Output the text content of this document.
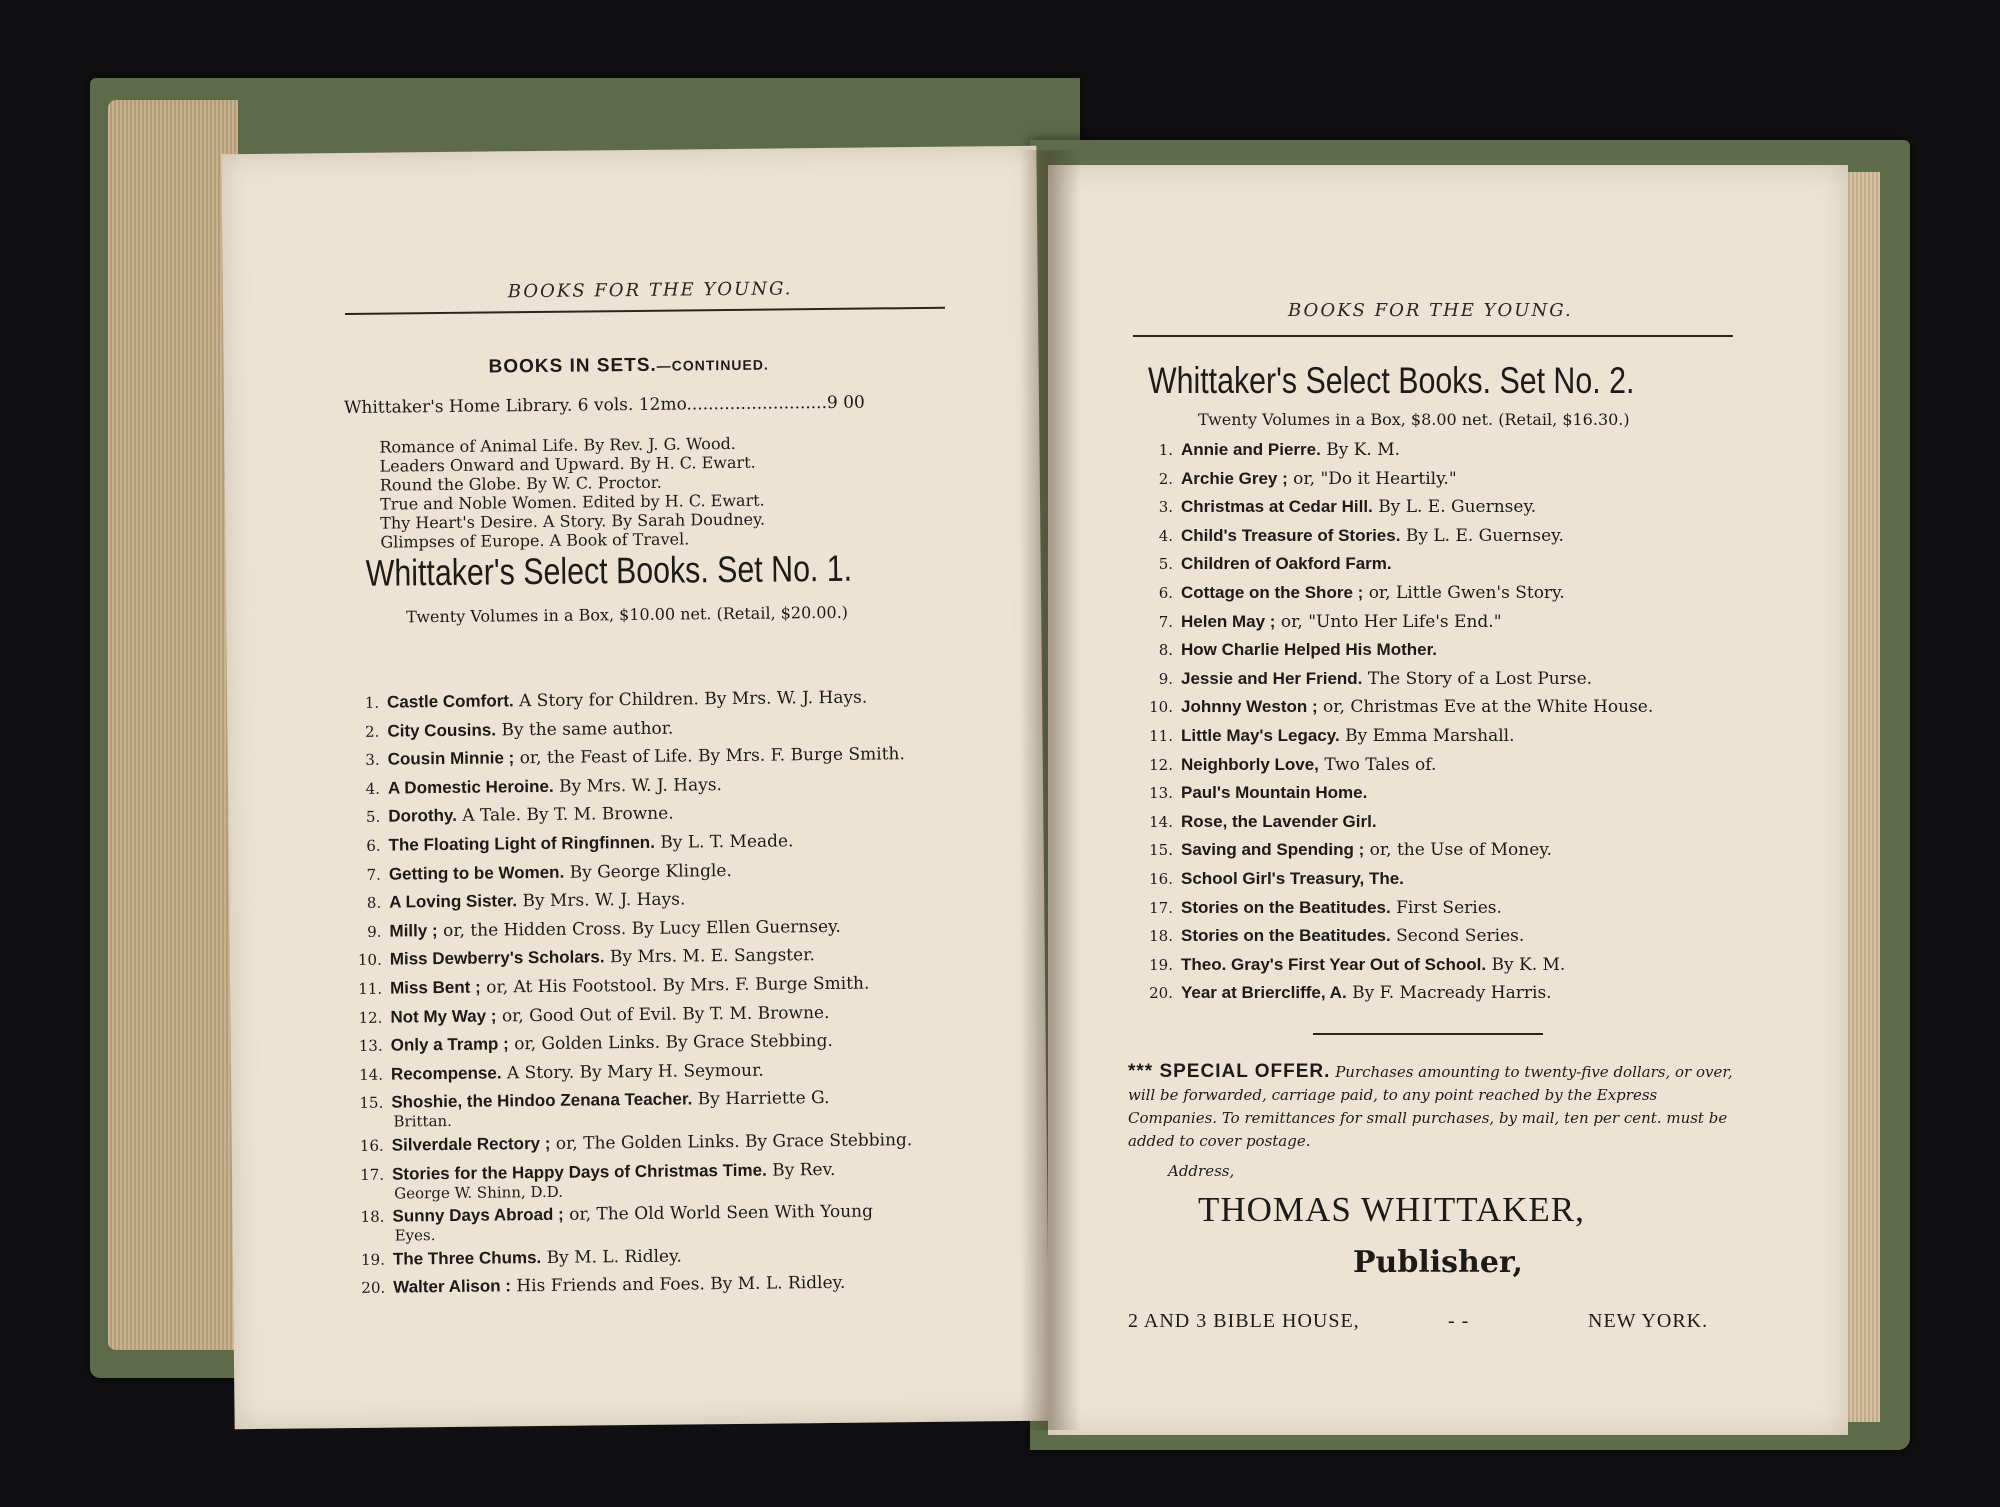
BOOKS FOR THE YOUNG.
BOOKS IN SETS.—CONTINUED.
Whittaker's Home Library. 6 vols. 12mo..........................9 00
Romance of Animal Life. By Rev. J. G. Wood.
Leaders Onward and Upward. By H. C. Ewart.
Round the Globe. By W. C. Proctor.
True and Noble Women. Edited by H. C. Ewart.
Thy Heart's Desire. A Story. By Sarah Doudney.
Glimpses of Europe. A Book of Travel.
Whittaker's Select Books. Set No. 1.
Twenty Volumes in a Box, $10.00 net. (Retail, $20.00.)
1. Castle Comfort. A Story for Children. By Mrs. W. J. Hays.
2. City Cousins. By the same author.
3. Cousin Minnie ; or, the Feast of Life. By Mrs. F. Burge Smith.
4. A Domestic Heroine. By Mrs. W. J. Hays.
5. Dorothy. A Tale. By T. M. Browne.
6. The Floating Light of Ringfinnen. By L. T. Meade.
7. Getting to be Women. By George Klingle.
8. A Loving Sister. By Mrs. W. J. Hays.
9. Milly ; or, the Hidden Cross. By Lucy Ellen Guernsey.
10. Miss Dewberry's Scholars. By Mrs. M. E. Sangster.
11. Miss Bent ; or, At His Footstool. By Mrs. F. Burge Smith.
12. Not My Way ; or, Good Out of Evil. By T. M. Browne.
13. Only a Tramp ; or, Golden Links. By Grace Stebbing.
14. Recompense. A Story. By Mary H. Seymour.
15. Shoshie, the Hindoo Zenana Teacher. By Harriette G.
Brittan.
16. Silverdale Rectory ; or, The Golden Links. By Grace Stebbing.
17. Stories for the Happy Days of Christmas Time. By Rev.
George W. Shinn, D.D.
18. Sunny Days Abroad ; or, The Old World Seen With Young
Eyes.
19. The Three Chums. By M. L. Ridley.
20. Walter Alison : His Friends and Foes. By M. L. Ridley.
BOOKS FOR THE YOUNG.
Whittaker's Select Books. Set No. 2.
Twenty Volumes in a Box, $8.00 net. (Retail, $16.30.)
1. Annie and Pierre. By K. M.
2. Archie Grey ; or, "Do it Heartily."
3. Christmas at Cedar Hill. By L. E. Guernsey.
4. Child's Treasure of Stories. By L. E. Guernsey.
5. Children of Oakford Farm.
6. Cottage on the Shore ; or, Little Gwen's Story.
7. Helen May ; or, "Unto Her Life's End."
8. How Charlie Helped His Mother.
9. Jessie and Her Friend. The Story of a Lost Purse.
10. Johnny Weston ; or, Christmas Eve at the White House.
11. Little May's Legacy. By Emma Marshall.
12. Neighborly Love, Two Tales of.
13. Paul's Mountain Home.
14. Rose, the Lavender Girl.
15. Saving and Spending ; or, the Use of Money.
16. School Girl's Treasury, The.
17. Stories on the Beatitudes. First Series.
18. Stories on the Beatitudes. Second Series.
19. Theo. Gray's First Year Out of School. By K. M.
20. Year at Briercliffe, A. By F. Macready Harris.
*** SPECIAL OFFER. Purchases amounting to twenty-five dollars, or over, will be forwarded, carriage paid, to any point reached by the Express Companies. To remittances for small purchases, by mail, ten per cent. must be added to cover postage.
Address,
THOMAS WHITTAKER,
Publisher,
2 AND 3 BIBLE HOUSE,	- -	NEW YORK.
